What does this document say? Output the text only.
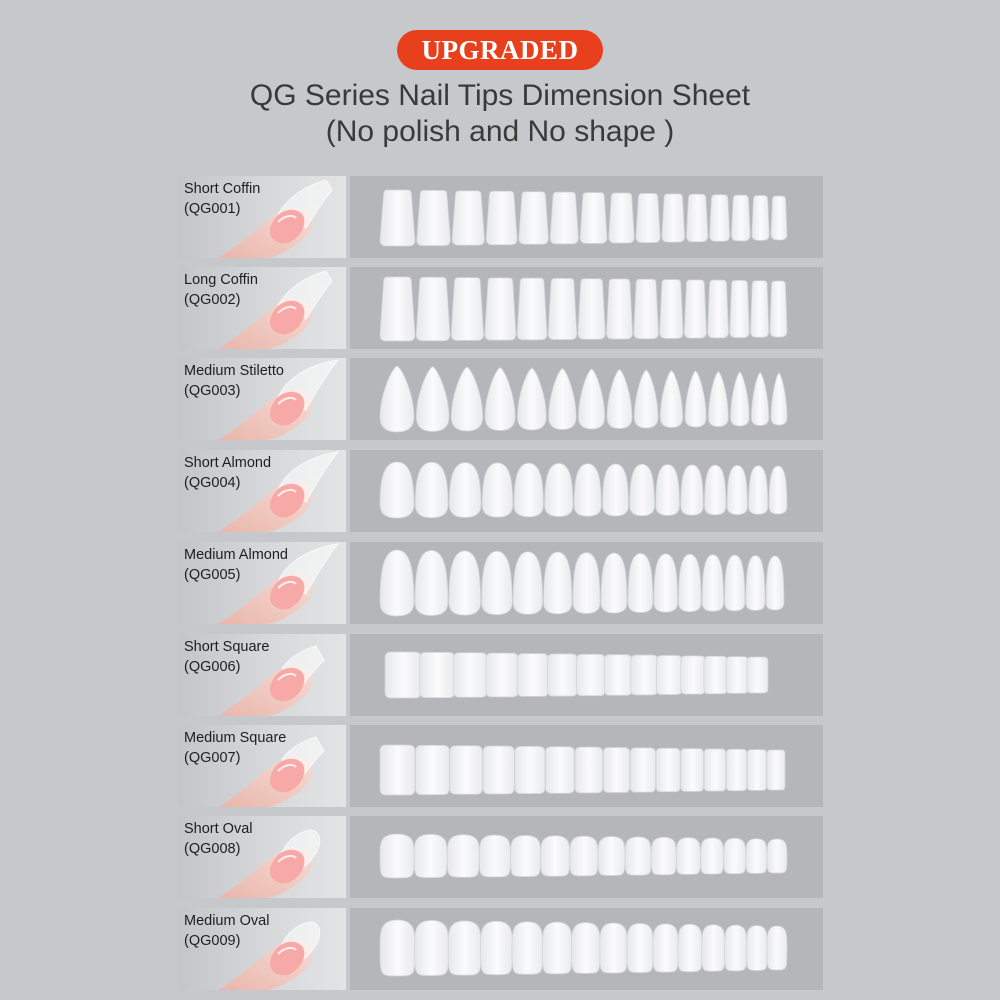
UPGRADED
QG Series Nail Tips Dimension Sheet
(No polish and No shape )
Short Coffin
(QG001)
Long Coffin
(QG002)
Medium Stiletto
(QG003)
Short Almond
(QG004)
Medium Almond
(QG005)
Short Square
(QG006)
Medium Square
(QG007)
Short Oval
(QG008)
Medium Oval
(QG009)
